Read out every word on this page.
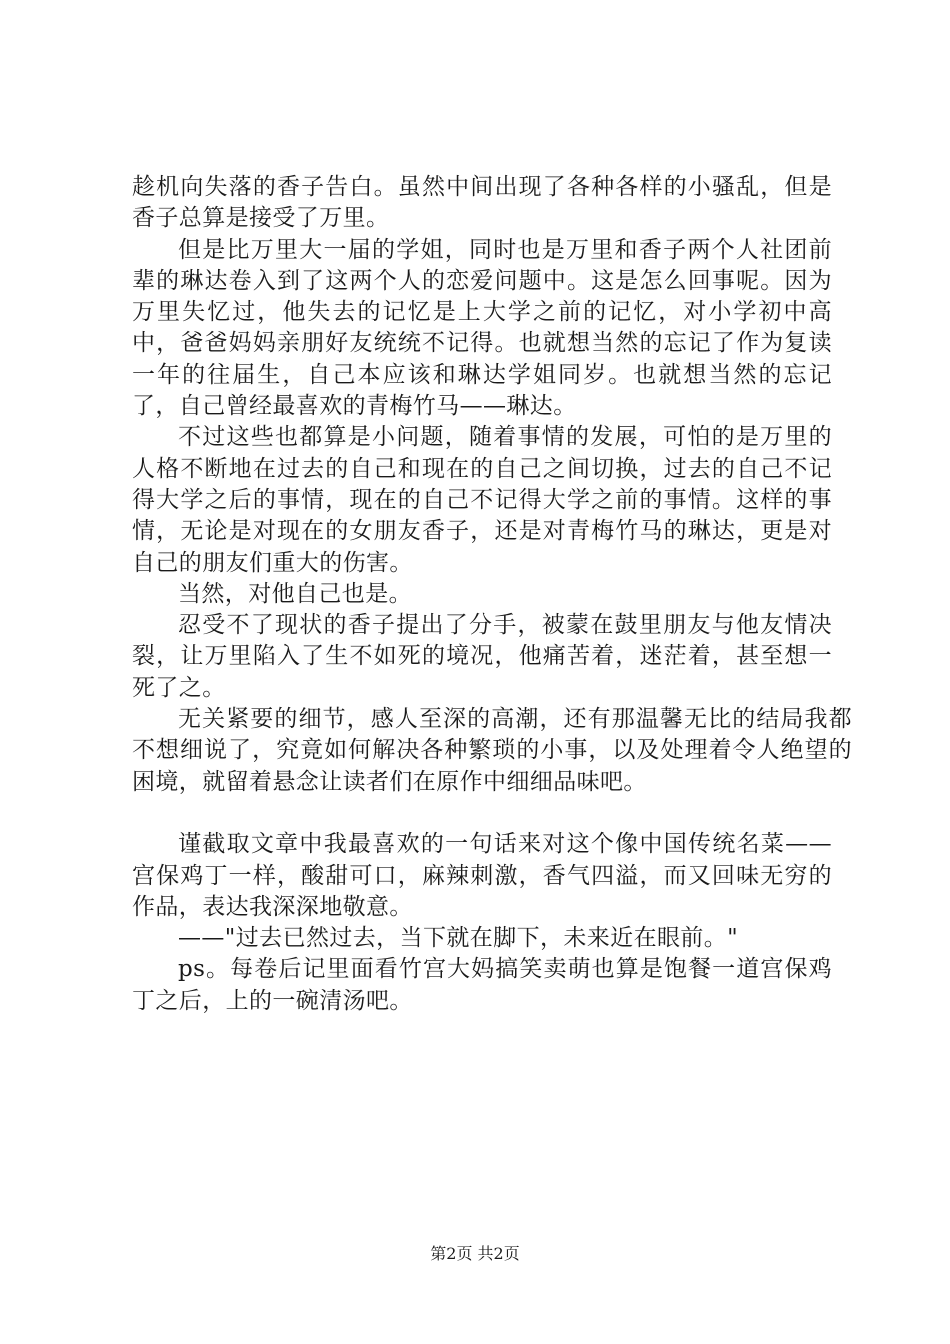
趁机向失落的香子告白。虽然中间出现了各种各样的小骚乱，但是香子总算是接受了万里。

但是比万里大一届的学姐，同时也是万里和香子两个人社团前辈的琳达卷入到了这两个人的恋爱问题中。这是怎么回事呢。因为万里失忆过，他失去的记忆是上大学之前的记忆，对小学初中高中，爸爸妈妈亲朋好友统统不记得。也就想当然的忘记了作为复读一年的往届生，自己本应该和琳达学姐同岁。也就想当然的忘记了，自己曾经最喜欢的青梅竹马——琳达。

不过这些也都算是小问题，随着事情的发展，可怕的是万里的人格不断地在过去的自己和现在的自己之间切换，过去的自己不记得大学之后的事情，现在的自己不记得大学之前的事情。这样的事情，无论是对现在的女朋友香子，还是对青梅竹马的琳达，更是对自己的朋友们重大的伤害。

当然，对他自己也是。

忍受不了现状的香子提出了分手，被蒙在鼓里朋友与他友情决裂，让万里陷入了生不如死的境况，他痛苦着，迷茫着，甚至想一死了之。

无关紧要的细节，感人至深的高潮，还有那温馨无比的结局我都不想细说了，究竟如何解决各种繁琐的小事，以及处理着令人绝望的困境，就留着悬念让读者们在原作中细细品味吧。

谨截取文章中我最喜欢的一句话来对这个像中国传统名菜——宫保鸡丁一样，酸甜可口，麻辣刺激，香气四溢，而又回味无穷的作品，表达我深深地敬意。

——"过去已然过去，当下就在脚下，未来近在眼前。"

ps。每卷后记里面看竹宫大妈搞笑卖萌也算是饱餐一道宫保鸡丁之后，上的一碗清汤吧。

第2页 共2页
